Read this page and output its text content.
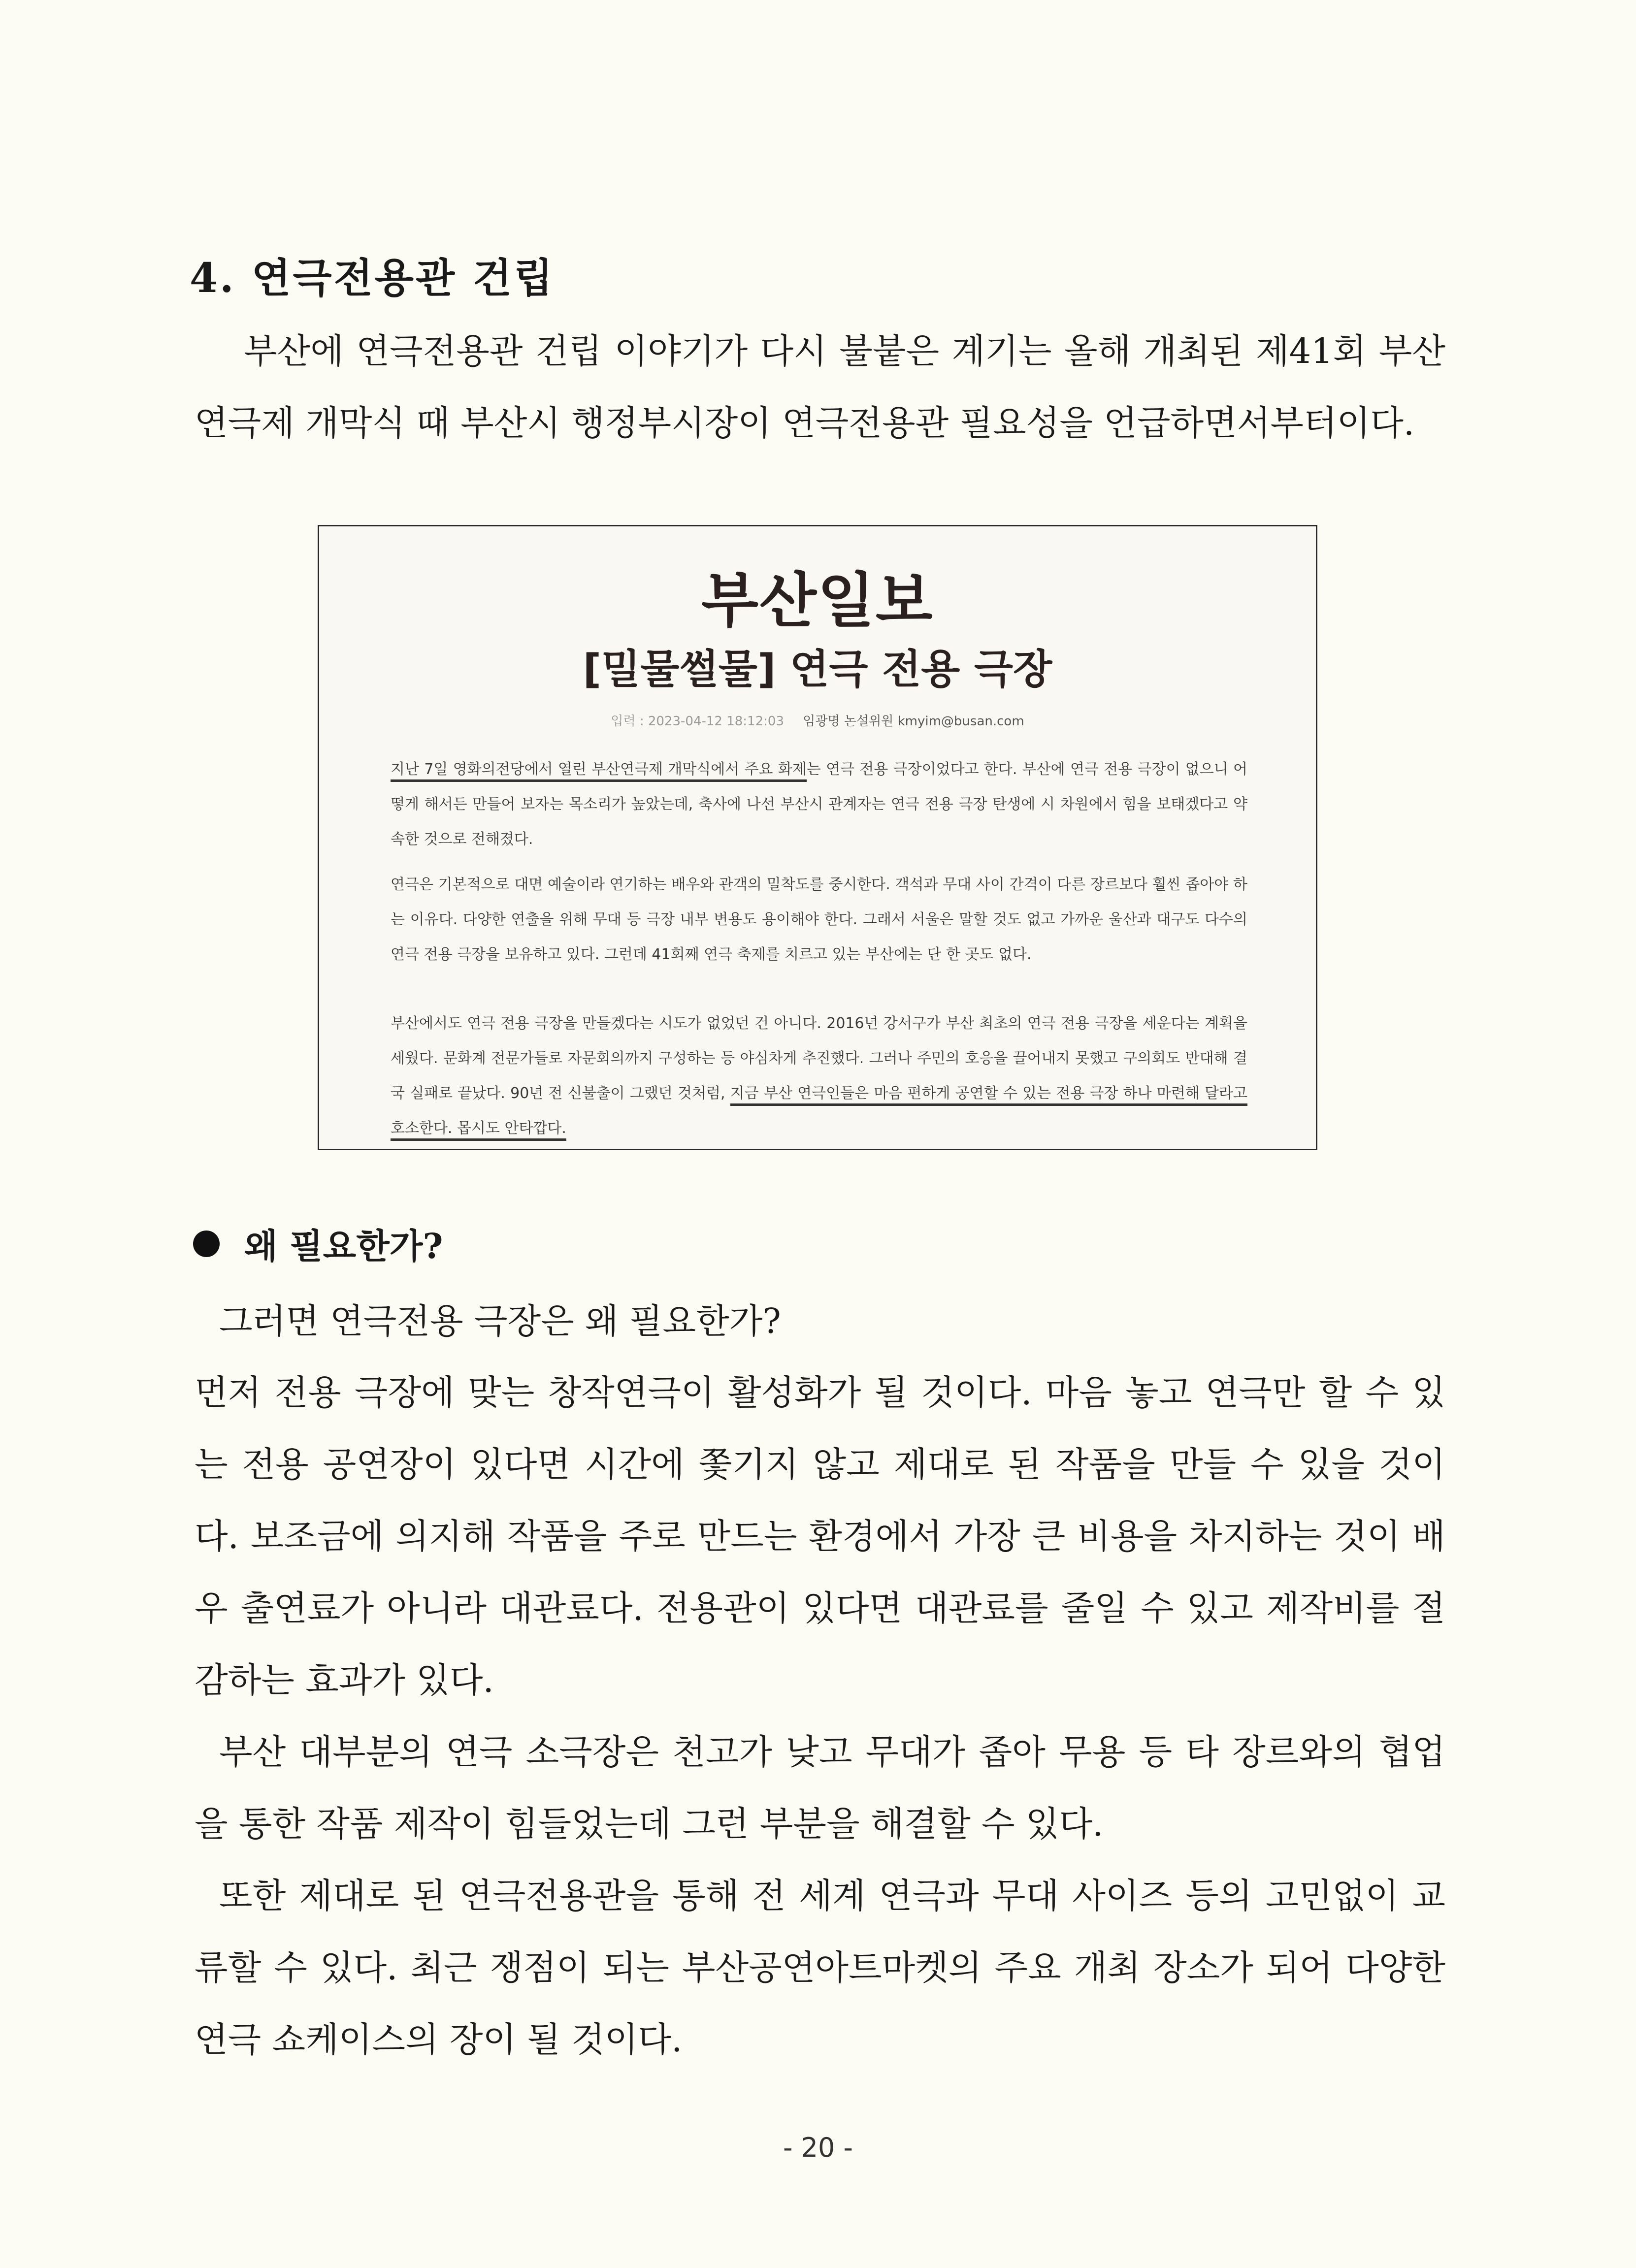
4. 연극전용관 건립

부산에 연극전용관 건립 이야기가 다시 불붙은 계기는 올해 개최된 제41회 부산연극제 개막식 때 부산시 행정부시장이 연극전용관 필요성을 언급하면서부터이다.

부산일보
[밀물썰물] 연극 전용 극장
입력 : 2023-04-12 18:12:03 임광명 논설위원 kmyim@busan.com

지난 7일 영화의전당에서 열린 부산연극제 개막식에서 주요 화제는 연극 전용 극장이었다고 한다. 부산에 연극 전용 극장이 없으니 어떻게 해서든 만들어 보자는 목소리가 높았는데, 축사에 나선 부산시 관계자는 연극 전용 극장 탄생에 시 차원에서 힘을 보태겠다고 약속한 것으로 전해졌다.

연극은 기본적으로 대면 예술이라 연기하는 배우와 관객의 밀착도를 중시한다. 객석과 무대 사이 간격이 다른 장르보다 훨씬 좁아야 하는 이유다. 다양한 연출을 위해 무대 등 극장 내부 변용도 용이해야 한다. 그래서 서울은 말할 것도 없고 가까운 울산과 대구도 다수의 연극 전용 극장을 보유하고 있다. 그런데 41회째 연극 축제를 치르고 있는 부산에는 단 한 곳도 없다.

부산에서도 연극 전용 극장을 만들겠다는 시도가 없었던 건 아니다. 2016년 강서구가 부산 최초의 연극 전용 극장을 세운다는 계획을 세웠다. 문화계 전문가들로 자문회의까지 구성하는 등 야심차게 추진했다. 그러나 주민의 호응을 끌어내지 못했고 구의회도 반대해 결국 실패로 끝났다. 90년 전 신불출이 그랬던 것처럼, 지금 부산 연극인들은 마음 편하게 공연할 수 있는 전용 극장 하나 마련해 달라고 호소한다. 몹시도 안타깝다.

왜 필요한가?

그러면 연극전용 극장은 왜 필요한가?

먼저 전용 극장에 맞는 창작연극이 활성화가 될 것이다. 마음 놓고 연극만 할 수 있는 전용 공연장이 있다면 시간에 쫓기지 않고 제대로 된 작품을 만들 수 있을 것이다. 보조금에 의지해 작품을 주로 만드는 환경에서 가장 큰 비용을 차지하는 것이 배우 출연료가 아니라 대관료다. 전용관이 있다면 대관료를 줄일 수 있고 제작비를 절감하는 효과가 있다.

부산 대부분의 연극 소극장은 천고가 낮고 무대가 좁아 무용 등 타 장르와의 협업을 통한 작품 제작이 힘들었는데 그런 부분을 해결할 수 있다.

또한 제대로 된 연극전용관을 통해 전 세계 연극과 무대 사이즈 등의 고민없이 교류할 수 있다. 최근 쟁점이 되는 부산공연아트마켓의 주요 개최 장소가 되어 다양한 연극 쇼케이스의 장이 될 것이다.

- 20 -
